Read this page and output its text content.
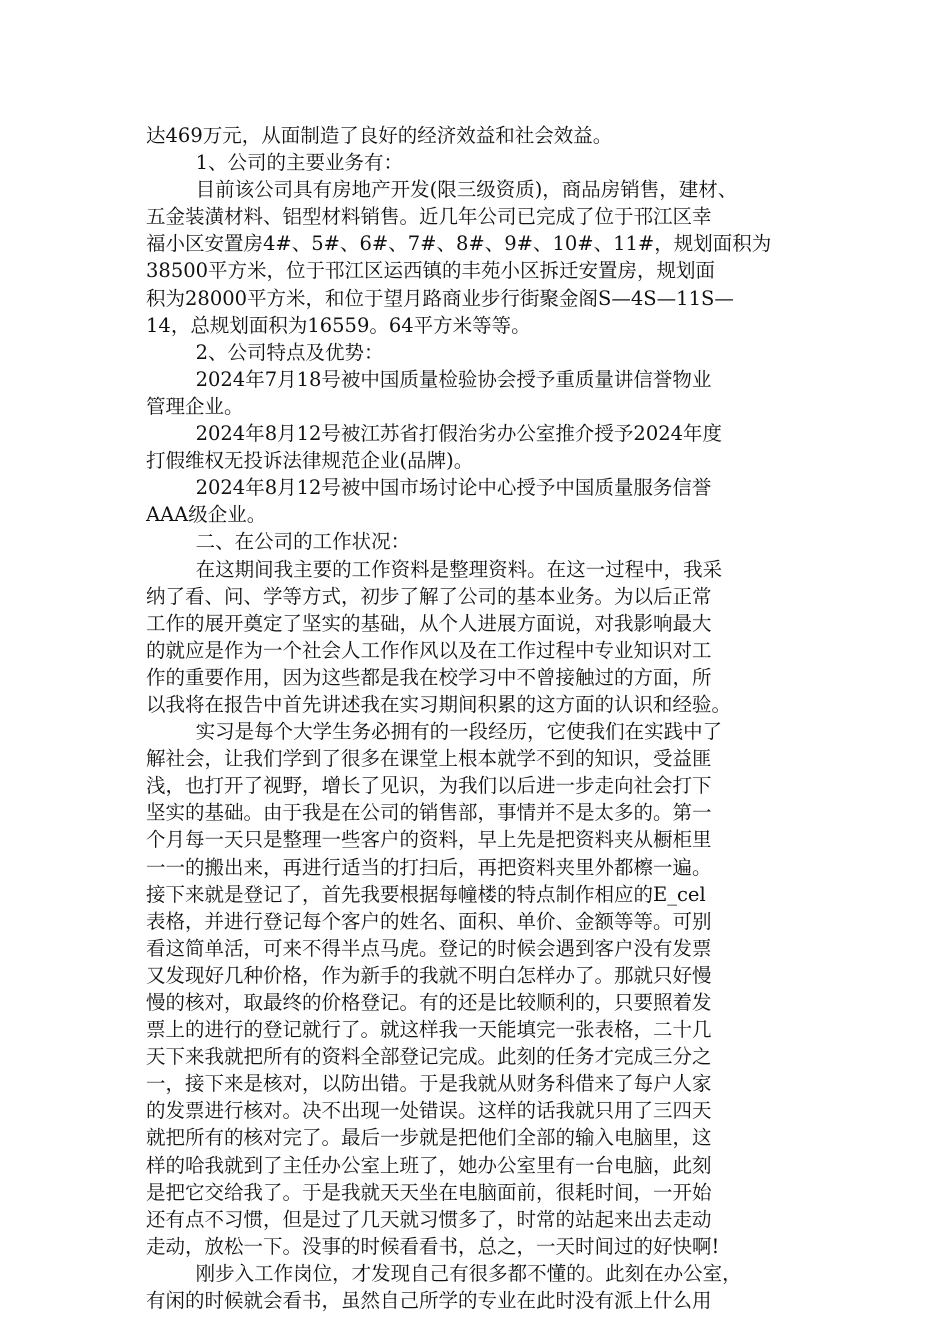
达469万元，从面制造了良好的经济效益和社会效益。
1、公司的主要业务有：
目前该公司具有房地产开发(限三级资质)，商品房销售，建材、
五金装潢材料、铝型材料销售。近几年公司已完成了位于邗江区幸
福小区安置房4#、5#、6#、7#、8#、9#、10#、11#，规划面积为
38500平方米，位于邗江区运西镇的丰苑小区拆迁安置房，规划面
积为28000平方米，和位于望月路商业步行街聚金阁S—4S—11S—
14，总规划面积为16559。64平方米等等。
2、公司特点及优势：
2024年7月18号被中国质量检验协会授予重质量讲信誉物业
管理企业。
2024年8月12号被江苏省打假治劣办公室推介授予2024年度
打假维权无投诉法律规范企业(品牌)。
2024年8月12号被中国市场讨论中心授予中国质量服务信誉
AAA级企业。
二、在公司的工作状况：
在这期间我主要的工作资料是整理资料。在这一过程中，我采
纳了看、问、学等方式，初步了解了公司的基本业务。为以后正常
工作的展开奠定了坚实的基础，从个人进展方面说，对我影响最大
的就应是作为一个社会人工作作风以及在工作过程中专业知识对工
作的重要作用，因为这些都是我在校学习中不曾接触过的方面，所
以我将在报告中首先讲述我在实习期间积累的这方面的认识和经验。
实习是每个大学生务必拥有的一段经历，它使我们在实践中了
解社会，让我们学到了很多在课堂上根本就学不到的知识，受益匪
浅，也打开了视野，增长了见识，为我们以后进一步走向社会打下
坚实的基础。由于我是在公司的销售部，事情并不是太多的。第一
个月每一天只是整理一些客户的资料，早上先是把资料夹从橱柜里
一一的搬出来，再进行适当的打扫后，再把资料夹里外都檫一遍。
接下来就是登记了，首先我要根据每幢楼的特点制作相应的E_cel
表格，并进行登记每个客户的姓名、面积、单价、金额等等。可别
看这简单活，可来不得半点马虎。登记的时候会遇到客户没有发票
又发现好几种价格，作为新手的我就不明白怎样办了。那就只好慢
慢的核对，取最终的价格登记。有的还是比较顺利的，只要照着发
票上的进行的登记就行了。就这样我一天能填完一张表格，二十几
天下来我就把所有的资料全部登记完成。此刻的任务才完成三分之
一，接下来是核对，以防出错。于是我就从财务科借来了每户人家
的发票进行核对。决不出现一处错误。这样的话我就只用了三四天
就把所有的核对完了。最后一步就是把他们全部的输入电脑里，这
样的哈我就到了主任办公室上班了，她办公室里有一台电脑，此刻
是把它交给我了。于是我就天天坐在电脑面前，很耗时间，一开始
还有点不习惯，但是过了几天就习惯多了，时常的站起来出去走动
走动，放松一下。没事的时候看看书，总之，一天时间过的好快啊!
刚步入工作岗位，才发现自己有很多都不懂的。此刻在办公室，
有闲的时候就会看书，虽然自己所学的专业在此时没有派上什么用
